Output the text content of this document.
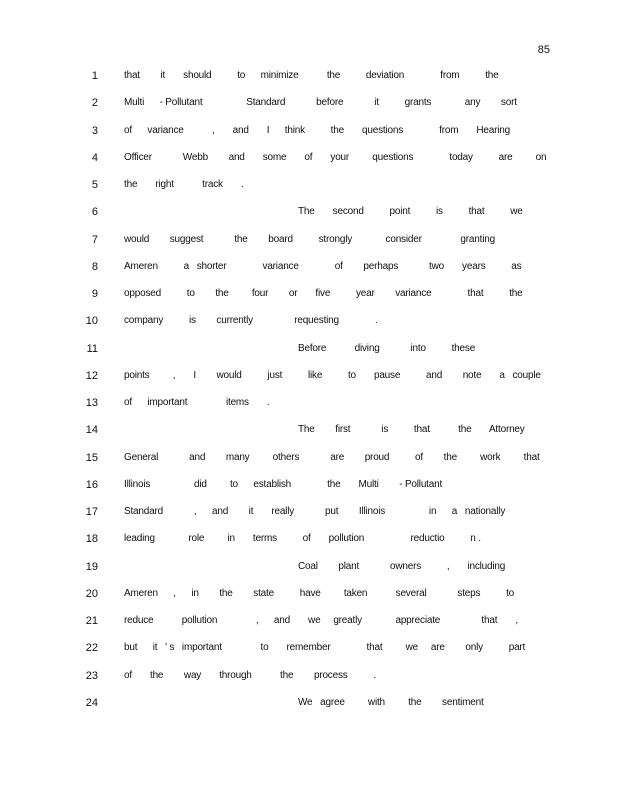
85
1	that        it       should          to      minimize           the          deviation              from          the
2	Multi      - Pollutant                 Standard            before            it          grants             any        sort
3	of      variance           ,       and       I      think          the       questions              from       Hearing
4	Officer            Webb        and       some       of       your         questions              today          are         on
5	the       right           track       .
6	The       second          point          is          that          we
7	would        suggest            the        board          strongly             consider               granting
8	Ameren          a   shorter              variance              of        perhaps            two       years          as
9	opposed          to        the         four        or       five          year        variance              that          the
10	company          is        currently                requesting              .
11	Before           diving            into          these
12	points         ,       I        would          just          like          to       pause          and        note       a   couple
13	of      important               items       .
14	The        first            is          that           the       Attorney
15	General            and        many         others            are        proud          of        the         work         that
16	Illinois                 did         to      establish              the       Multi        - Pollutant
17	Standard            ,      and        it       really            put        Illinois                 in      a   nationally
18	leading             role         in       terms          of       pollution                  reductio          n .
19	Coal        plant            owners          ,       including
20	Ameren      ,      in        the        state          have         taken           several            steps          to
21	reduce           pollution               ,      and       we     greatly             appreciate                that       ,
22	but      it   ' s   important               to       remember              that         we     are        only          part
23	of       the        way       through           the        process          .
24	We   agree         with         the        sentiment
